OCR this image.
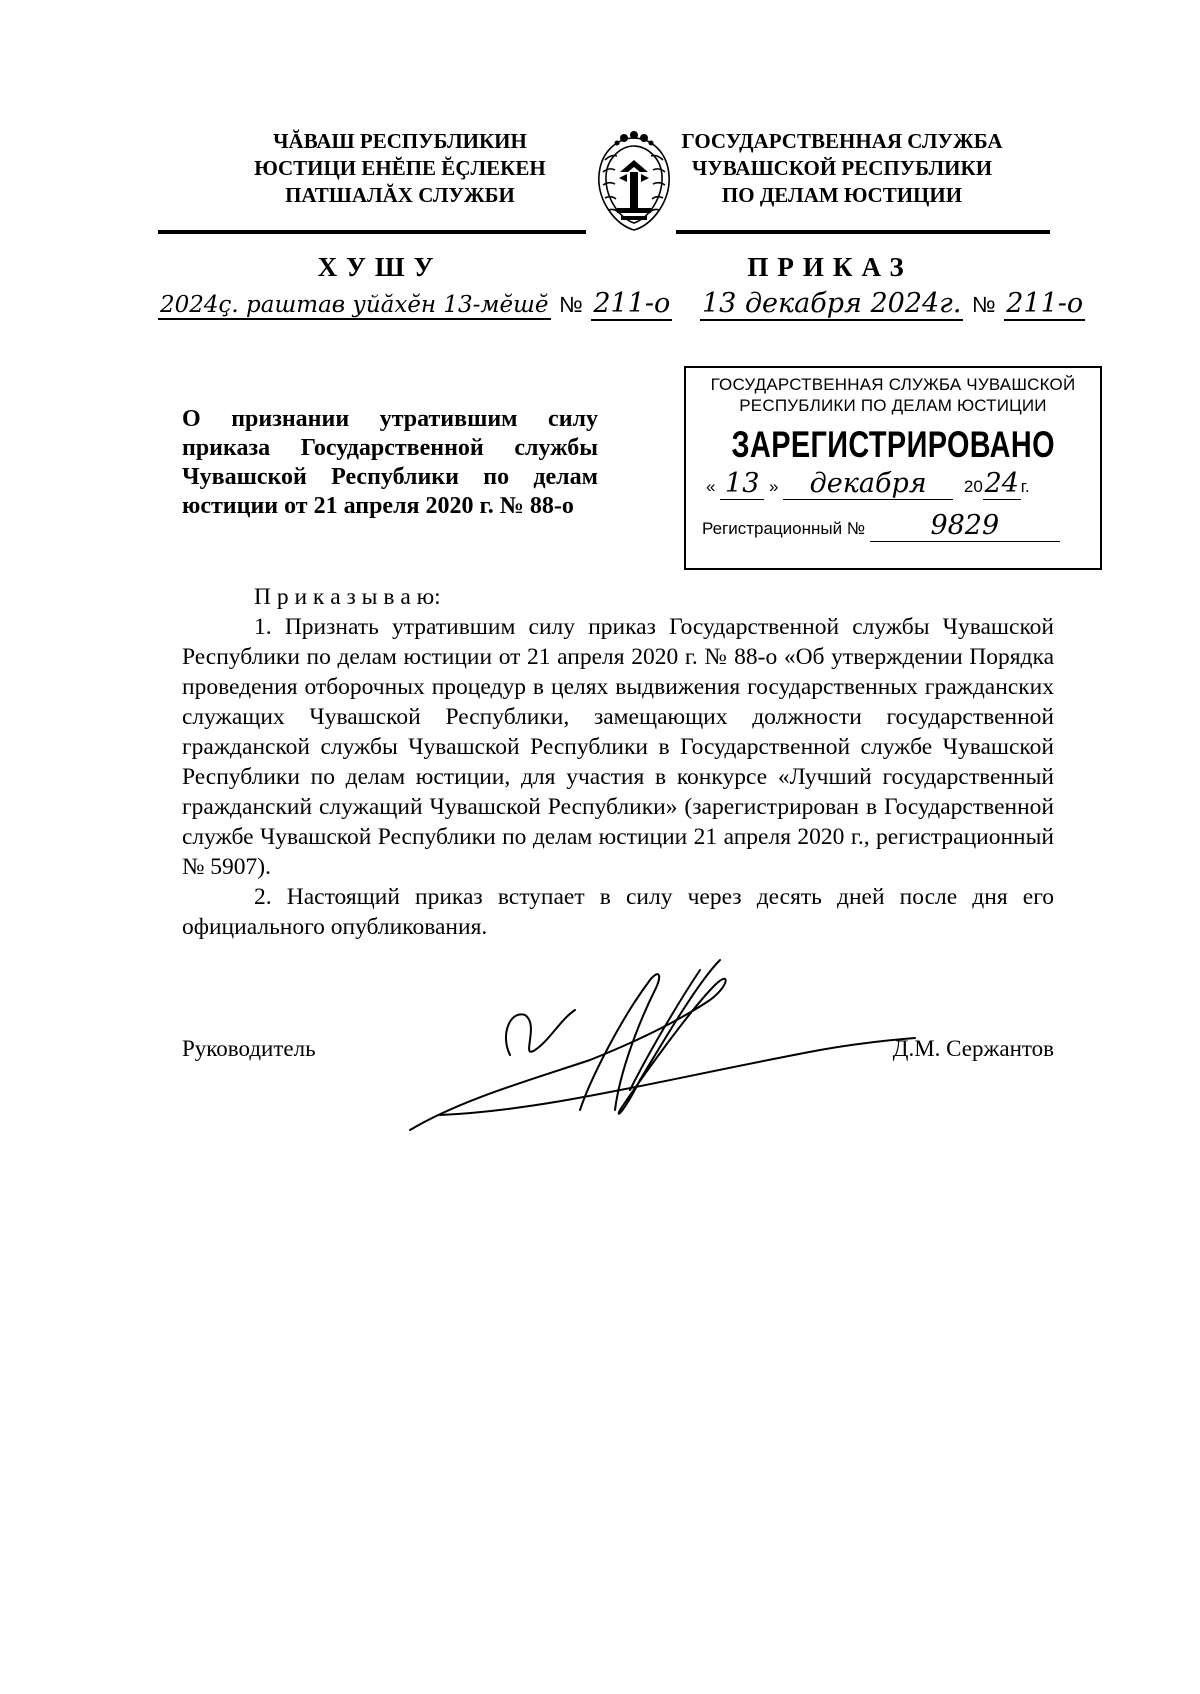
ЧĂВАШ РЕСПУБЛИКИН
ЮСТИЦИ ЕНĔПЕ ĔҪЛЕКЕН
ПАТШАЛĂХ СЛУЖБИ
ГОСУДАРСТВЕННАЯ СЛУЖБА
ЧУВАШСКОЙ РЕСПУБЛИКИ
ПО ДЕЛАМ ЮСТИЦИИ
ХУШУ	ПРИКАЗ
2024ҫ. раштав уйӑхӗн 13-мӗшӗ № 211-о 13 декабря 2024г. № 211-о
О признании утратившим силу приказа Государственной службы Чувашской Республики по делам юстиции от 21 апреля 2020 г. № 88-о
ГОСУДАРСТВЕННАЯ СЛУЖБА ЧУВАШСКОЙ
РЕСПУБЛИКИ ПО ДЕЛАМ ЮСТИЦИИ
ЗАРЕГИСТРИРОВАНО
« 13 » декабря 2024 г.
Регистрационный № 9829

П р и к а з ы в а ю:

1. Признать утратившим силу приказ Государственной службы Чувашской Республики по делам юстиции от 21 апреля 2020 г. № 88-о «Об утверждении Порядка проведения отборочных процедур в целях выдвижения государственных гражданских служащих Чувашской Республики, замещающих должности государственной гражданской службы Чувашской Республики в Государственной службе Чувашской Республики по делам юстиции, для участия в конкурсе «Лучший государственный гражданский служащий Чувашской Республики» (зарегистрирован в Государственной службе Чувашской Республики по делам юстиции 21 апреля 2020 г., регистрационный № 5907).

2. Настоящий приказ вступает в силу через десять дней после дня его официального опубликования.

Руководитель	Д.М. Сержантов
